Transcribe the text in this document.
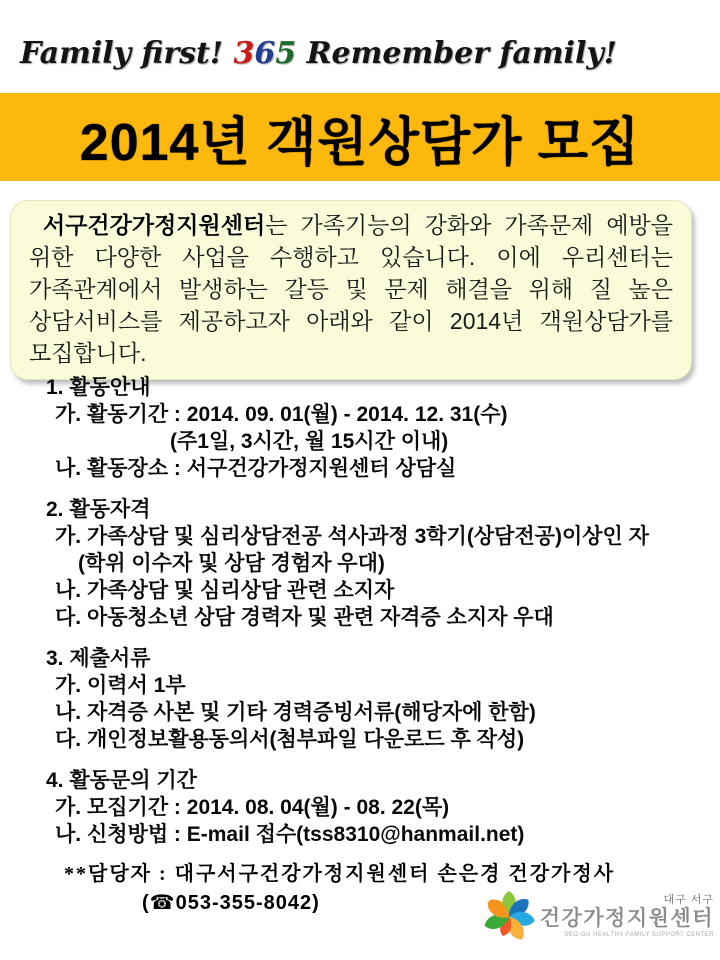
Family first! 365 Remember family!
2014년 객원상담가 모집

서구건강가정지원센터는 가족기능의 강화와 가족문제 예방을 위한 다양한 사업을 수행하고 있습니다. 이에 우리센터는 가족관계에서 발생하는 갈등 및 문제 해결을 위해 질 높은 상담서비스를 제공하고자 아래와 같이 2014년 객원상담가를 모집합니다.

1. 활동안내
가. 활동기간 : 2014. 09. 01(월) - 2014. 12. 31(수)
(주1일, 3시간, 월 15시간 이내)
나. 활동장소 : 서구건강가정지원센터 상담실
2. 활동자격
가. 가족상담 및 심리상담전공 석사과정 3학기(상담전공)이상인 자
(학위 이수자 및 상담 경험자 우대)
나. 가족상담 및 심리상담 관련 소지자
다. 아동청소년 상담 경력자 및 관련 자격증 소지자 우대
3. 제출서류
가. 이력서 1부
나. 자격증 사본 및 기타 경력증빙서류(해당자에 한함)
다. 개인정보활용동의서(첨부파일 다운로드 후 작성)
4. 활동문의 기간
가. 모집기간 : 2014. 08. 04(월) - 08. 22(목)
나. 신청방법 : E-mail 접수(tss8310@hanmail.net)
**담당자 : 대구서구건강가정지원센터 손은경 건강가정사
(☎053-355-8042)	대구 서구
건강가정지원센터
SEO-GU HEALTHY FAMILY SUPPORT CENTER
